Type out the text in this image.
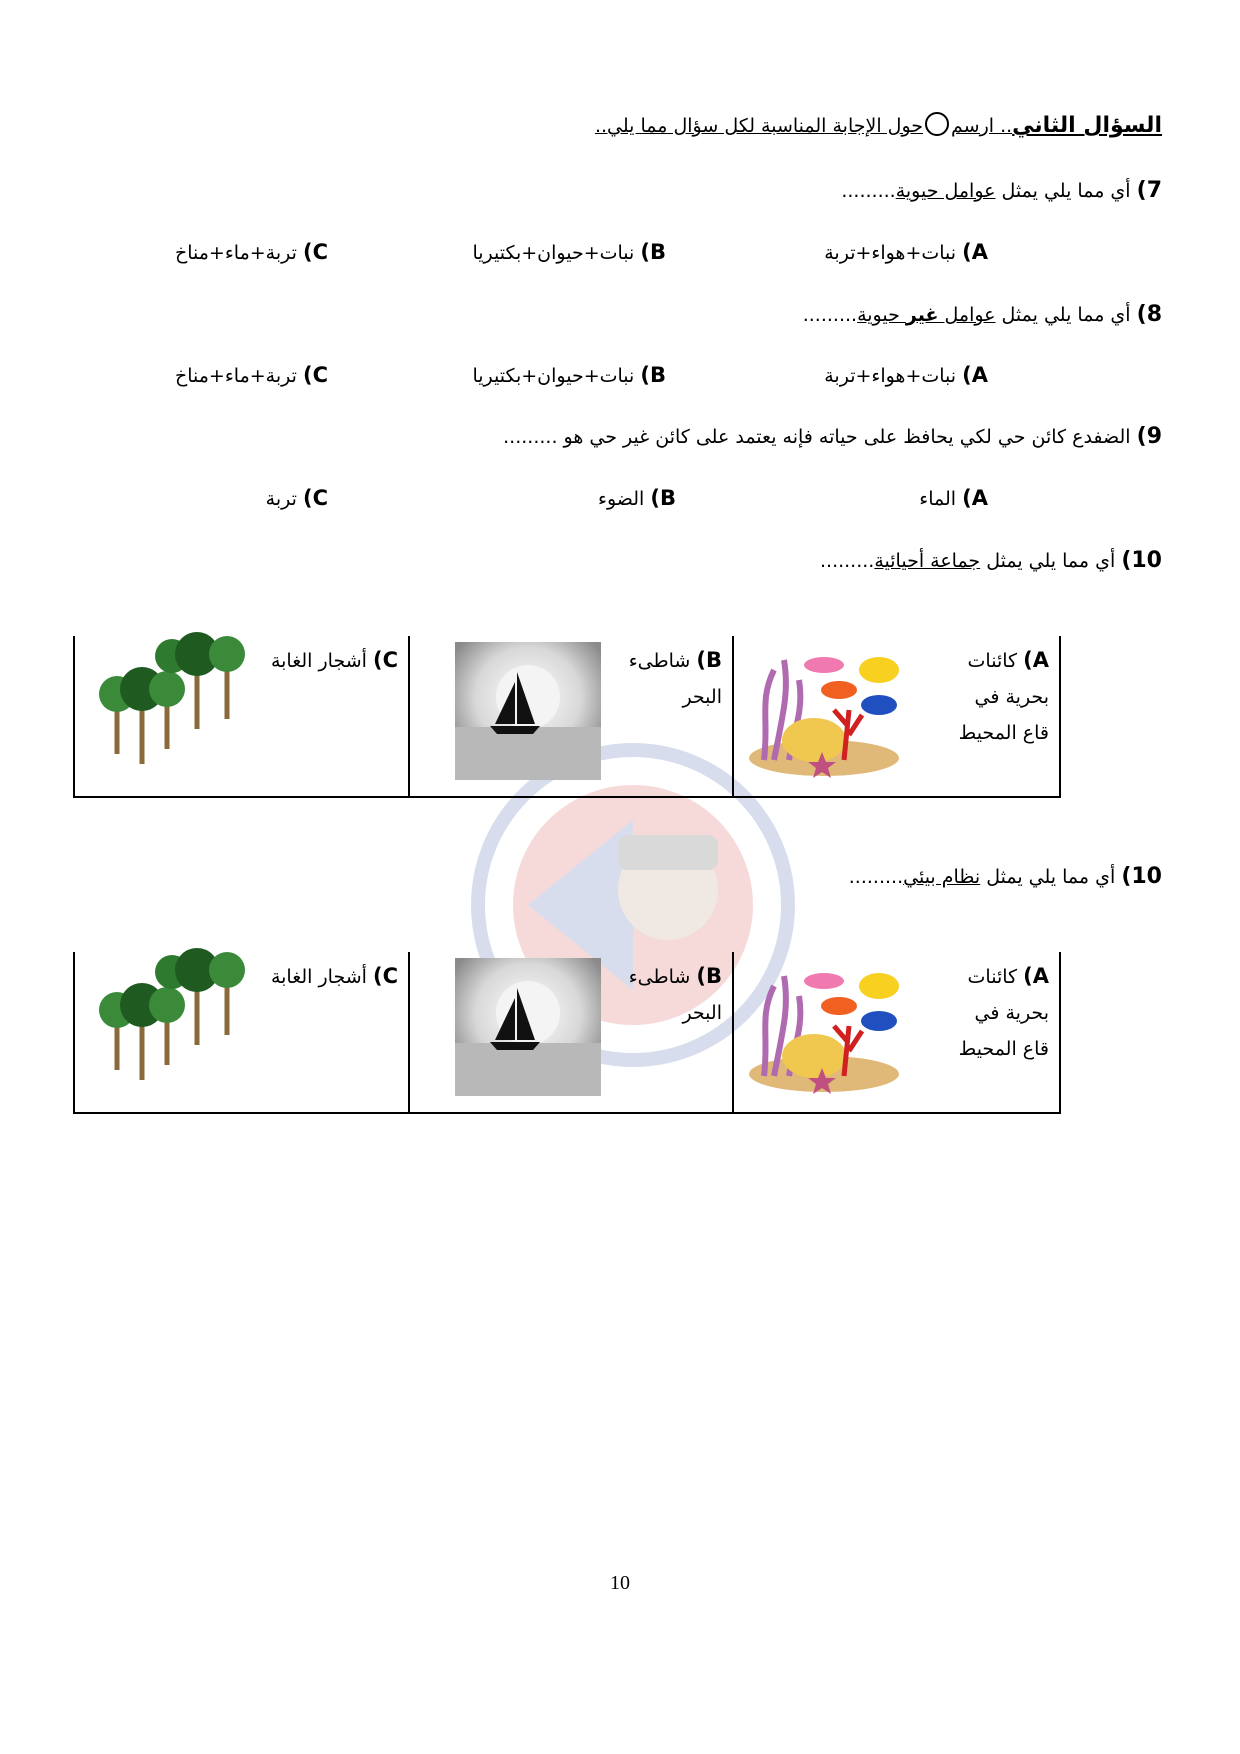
السؤال الثاني.. ارسمحول الإجابة المناسبة لكل سؤال مما يلي..
7) أي مما يلي يمثل عوامل حيوية.........
A) نبات+هواء+تربة
B) نبات+حيوان+بكتيريا
C) تربة+ماء+مناخ
8) أي مما يلي يمثل عوامل غير حيوية.........
A) نبات+هواء+تربة
B) نبات+حيوان+بكتيريا
C) تربة+ماء+مناخ
9) الضفدع كائن حي لكي يحافظ على حياته فإنه يعتمد على كائن غير حي هو .........
A) الماء
B) الضوء
C) تربة
10) أي مما يلي يمثل جماعة أحيائية.........
A) كائنات
بحرية في
قاع المحيط
B) شاطىء
البحر
C) أشجار الغابة
10) أي مما يلي يمثل نظام بيئي.........
A) كائنات
بحرية في
قاع المحيط
B) شاطىء
البحر
C) أشجار الغابة
10
